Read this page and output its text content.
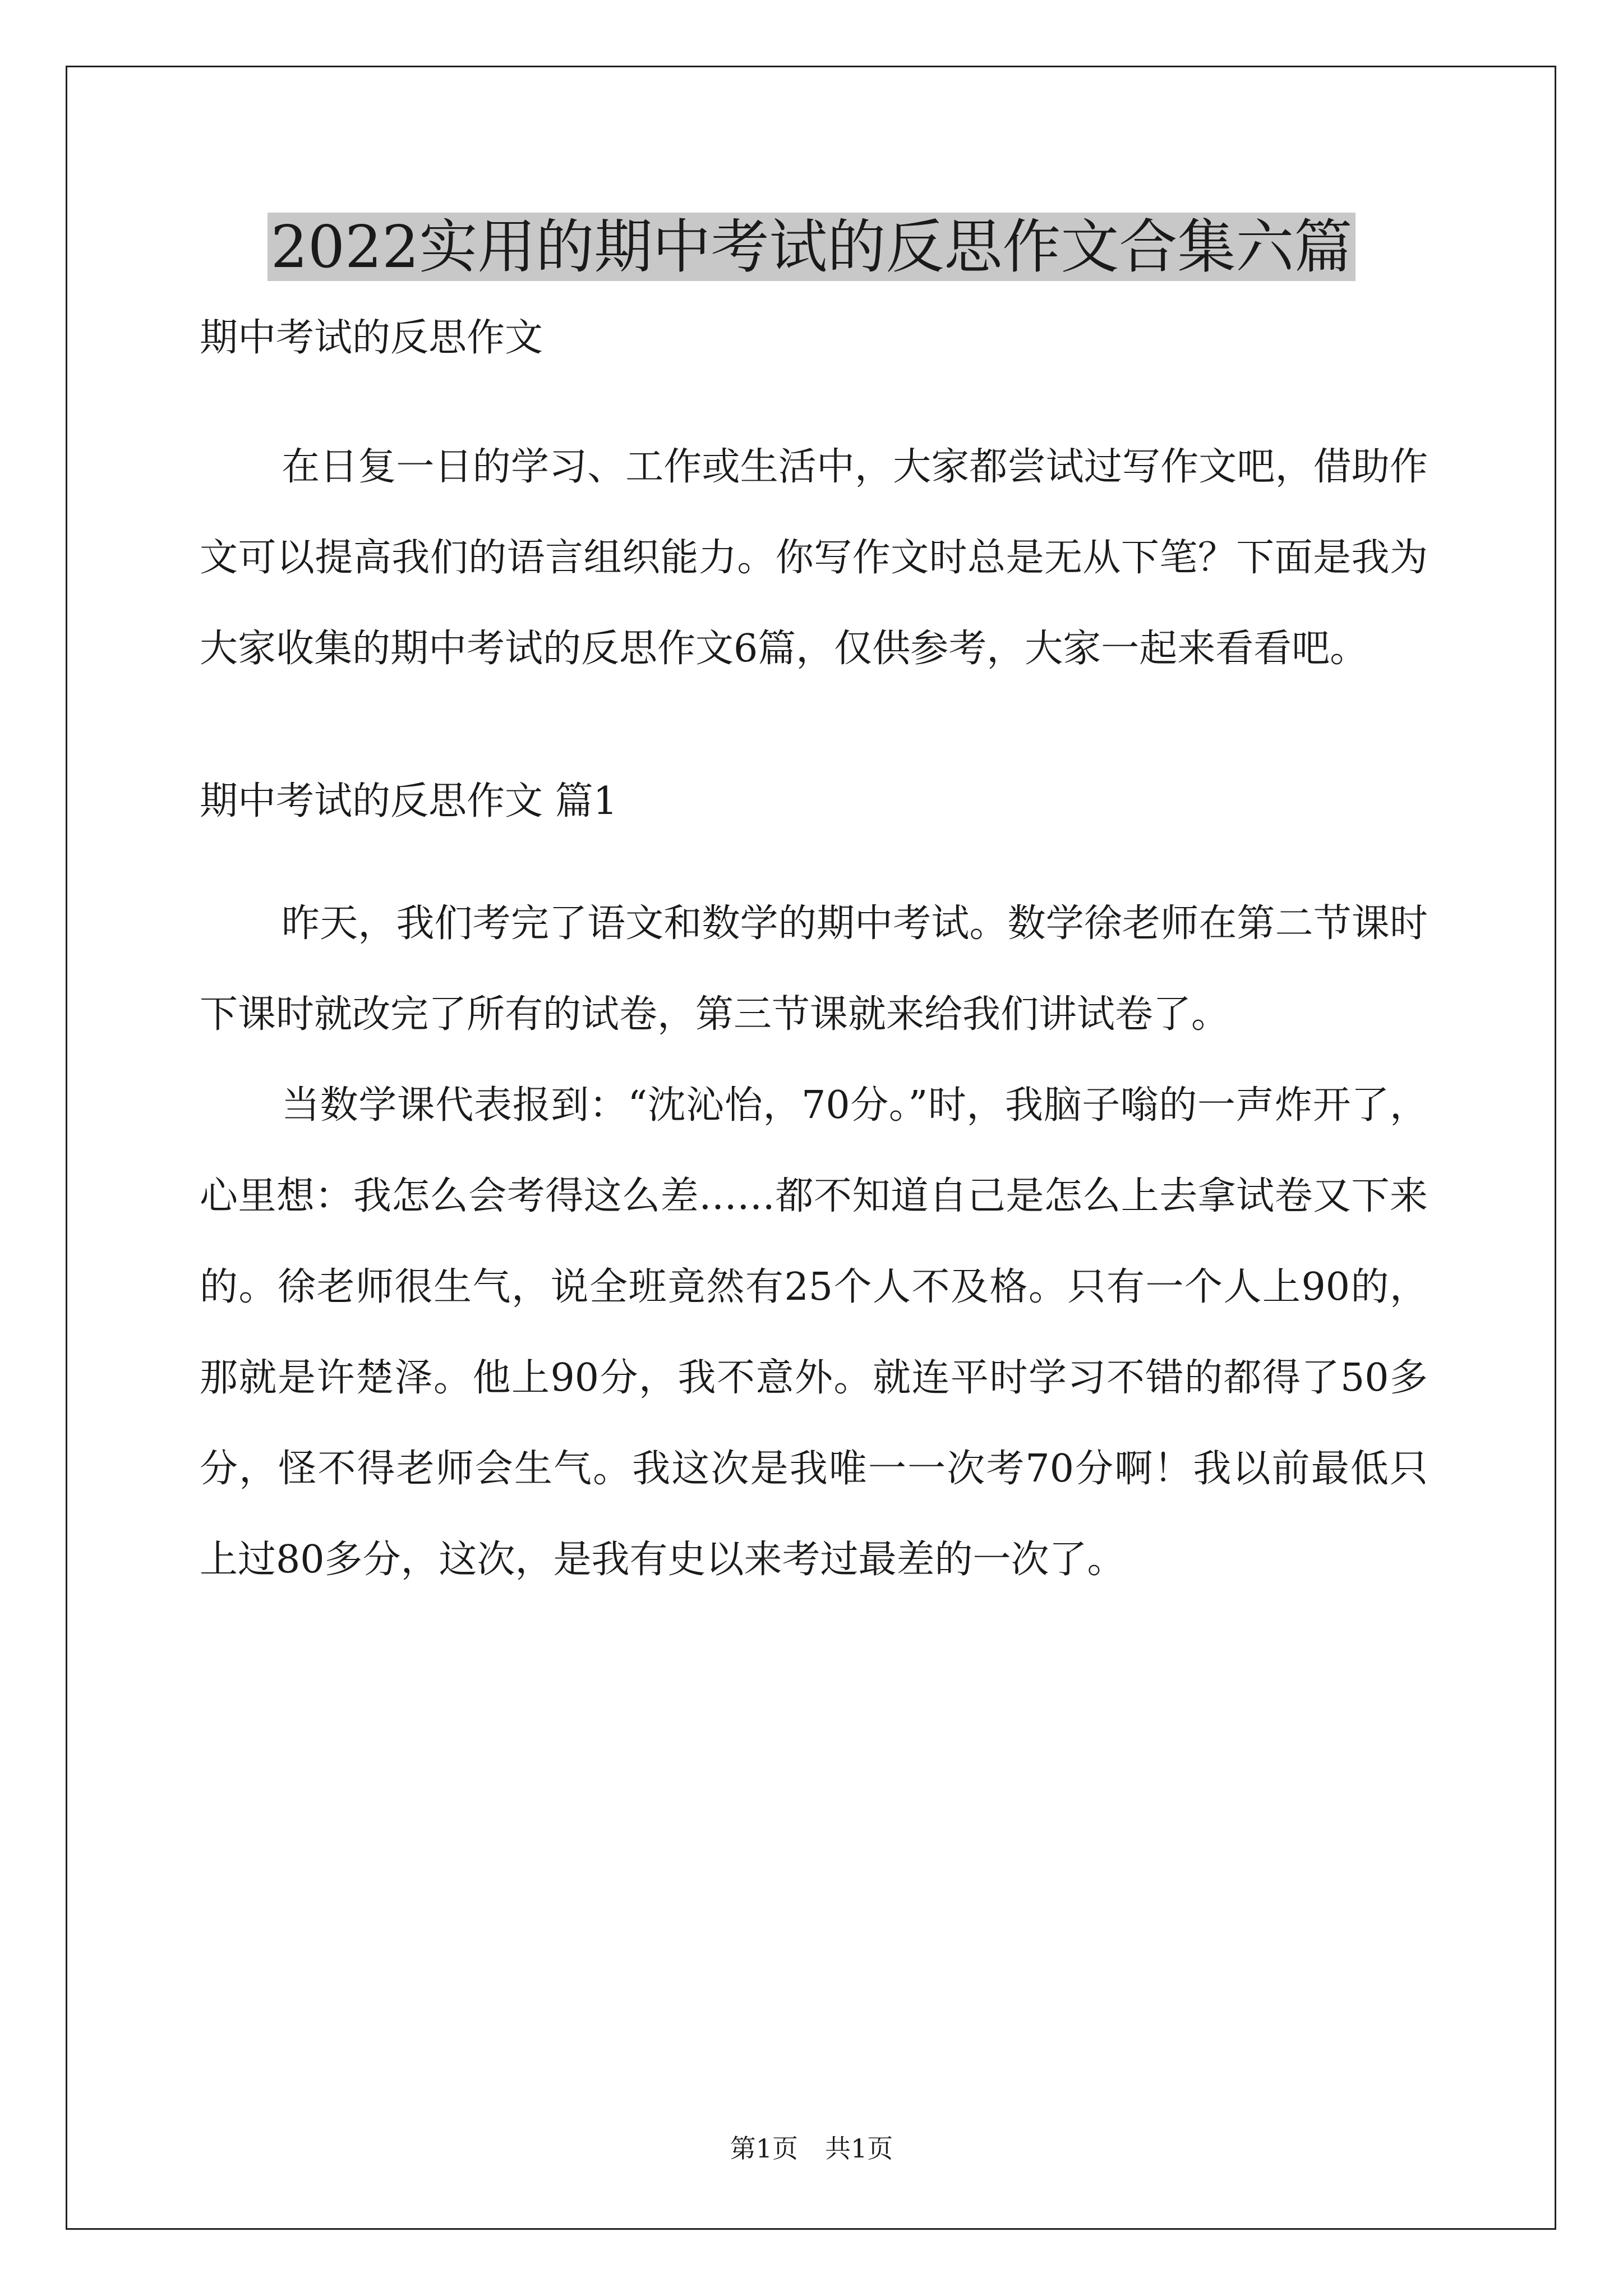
2022实用的期中考试的反思作文合集六篇

期中考试的反思作文

在日复一日的学习、工作或生活中，大家都尝试过写作文吧，借助作文可以提高我们的语言组织能力。你写作文时总是无从下笔？下面是我为大家收集的期中考试的反思作文6篇，仅供参考，大家一起来看看吧。

期中考试的反思作文 篇1

昨天，我们考完了语文和数学的期中考试。数学徐老师在第二节课时下课时就改完了所有的试卷，第三节课就来给我们讲试卷了。

当数学课代表报到：“沈沁怡，70分。”时，我脑子嗡的一声炸开了，心里想：我怎么会考得这么差……都不知道自己是怎么上去拿试卷又下来的。徐老师很生气，说全班竟然有25个人不及格。只有一个人上90的，那就是许楚泽。他上90分，我不意外。就连平时学习不错的都得了50多分，怪不得老师会生气。我这次是我唯一一次考70分啊！我以前最低只上过80多分，这次，是我有史以来考过最差的一次了。

第1页 共1页
